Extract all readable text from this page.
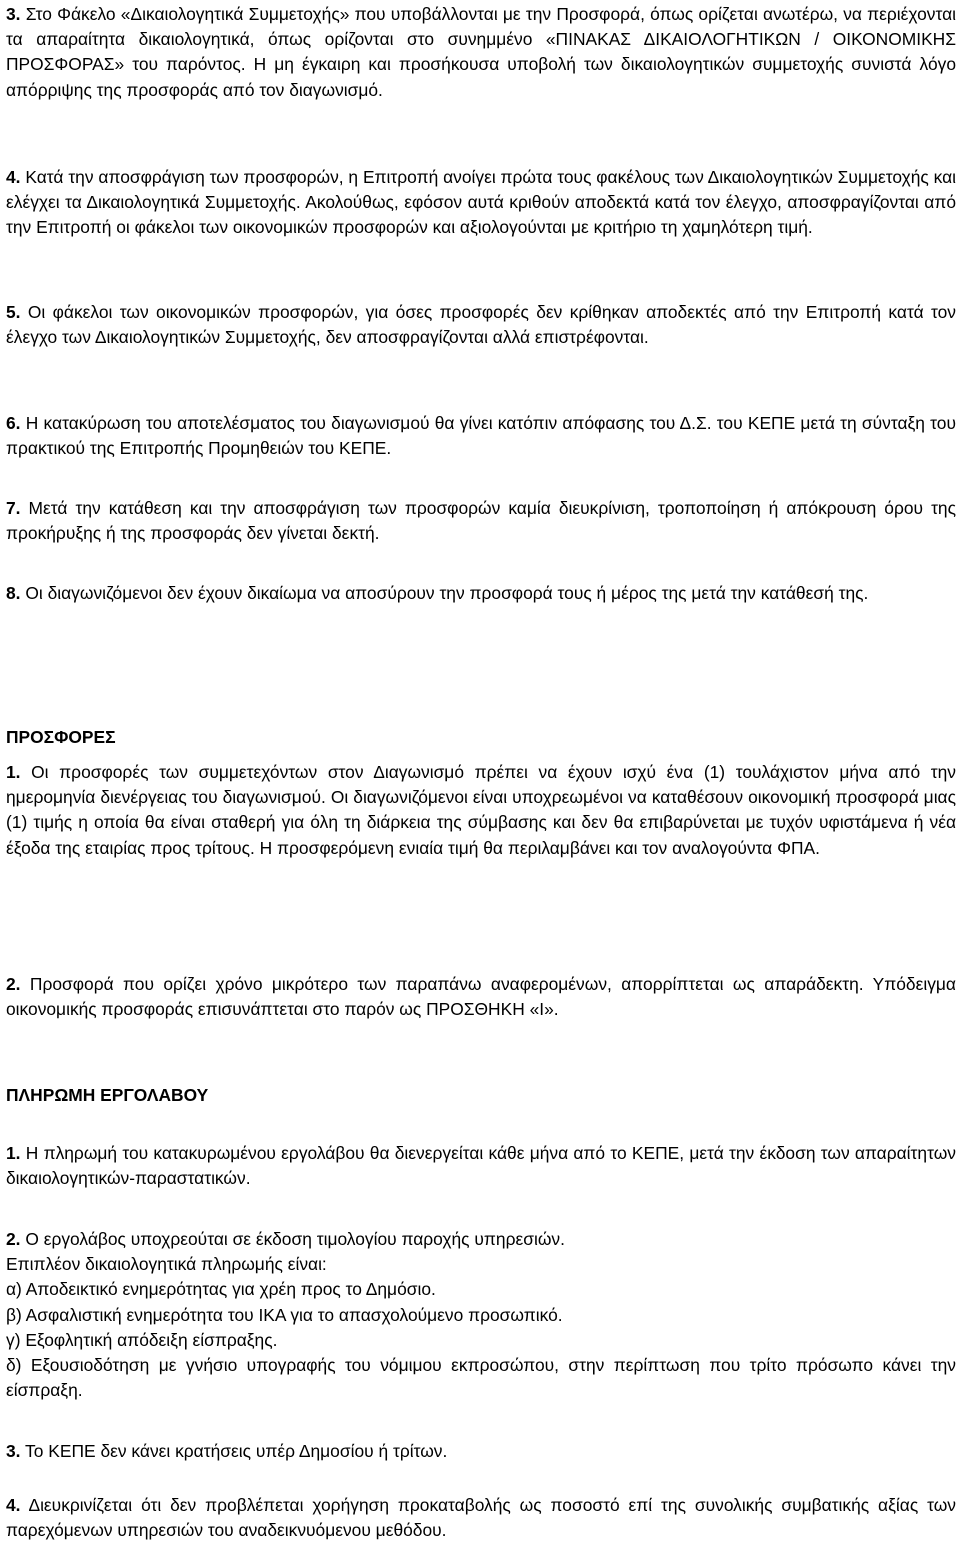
3. Στο Φάκελο «Δικαιολογητικά Συμμετοχής» που υποβάλλονται με την Προσφορά, όπως ορίζεται ανωτέρω, να περιέχονται τα απαραίτητα δικαιολογητικά, όπως ορίζονται στο συνημμένο «ΠΙΝΑΚΑΣ ΔΙΚΑΙΟΛΟΓΗΤΙΚΩΝ / ΟΙΚΟΝΟΜΙΚΗΣ ΠΡΟΣΦΟΡΑΣ» του παρόντος. Η μη έγκαιρη και προσήκουσα υποβολή των δικαιολογητικών συμμετοχής συνιστά λόγο απόρριψης της προσφοράς από τον διαγωνισμό.

4. Κατά την αποσφράγιση των προσφορών, η Επιτροπή ανοίγει πρώτα τους φακέλους των Δικαιολογητικών Συμμετοχής και ελέγχει τα Δικαιολογητικά Συμμετοχής. Ακολούθως, εφόσον αυτά κριθούν αποδεκτά κατά τον έλεγχο, αποσφραγίζονται από την Επιτροπή οι φάκελοι των οικονομικών προσφορών και αξιολογούνται με κριτήριο τη χαμηλότερη τιμή.

5. Οι φάκελοι των οικονομικών προσφορών, για όσες προσφορές δεν κρίθηκαν αποδεκτές από την Επιτροπή κατά τον έλεγχο των Δικαιολογητικών Συμμετοχής, δεν αποσφραγίζονται αλλά επιστρέφονται.

6. Η κατακύρωση του αποτελέσματος του διαγωνισμού θα γίνει κατόπιν απόφασης του Δ.Σ. του ΚΕΠΕ μετά τη σύνταξη του πρακτικού της Επιτροπής Προμηθειών του ΚΕΠΕ.

7. Μετά την κατάθεση και την αποσφράγιση των προσφορών καμία διευκρίνιση, τροποποίηση ή απόκρουση όρου της προκήρυξης ή της προσφοράς δεν γίνεται δεκτή.

8. Οι διαγωνιζόμενοι δεν έχουν δικαίωμα να αποσύρουν την προσφορά τους ή μέρος της μετά την κατάθεσή της.

ΠΡΟΣΦΟΡΕΣ

1. Οι προσφορές των συμμετεχόντων στον Διαγωνισμό πρέπει να έχουν ισχύ ένα (1) τουλάχιστον μήνα από την ημερομηνία διενέργειας του διαγωνισμού. Οι διαγωνιζόμενοι είναι υποχρεωμένοι να καταθέσουν οικονομική προσφορά μιας (1) τιμής η οποία θα είναι σταθερή για όλη τη διάρκεια της σύμβασης και δεν θα επιβαρύνεται με τυχόν υφιστάμενα ή νέα έξοδα της εταιρίας προς τρίτους. Η προσφερόμενη ενιαία τιμή θα περιλαμβάνει και τον αναλογούντα ΦΠΑ.

2. Προσφορά που ορίζει χρόνο μικρότερο των παραπάνω αναφερομένων, απορρίπτεται ως απαράδεκτη. Υπόδειγμα οικονομικής προσφοράς επισυνάπτεται στο παρόν ως ΠΡΟΣΘΗΚΗ «Ι».

ΠΛΗΡΩΜΗ ΕΡΓΟΛΑΒΟΥ

1. Η πληρωμή του κατακυρωμένου εργολάβου θα διενεργείται κάθε μήνα από το ΚΕΠΕ, μετά την έκδοση των απαραίτητων δικαιολογητικών-παραστατικών.

2. Ο εργολάβος υποχρεούται σε έκδοση τιμολογίου παροχής υπηρεσιών.
Επιπλέον δικαιολογητικά πληρωμής είναι:
α) Αποδεικτικό ενημερότητας για χρέη προς το Δημόσιο.
β) Ασφαλιστική ενημερότητα του ΙΚΑ για το απασχολούμενο προσωπικό.
γ) Εξοφλητική απόδειξη είσπραξης.
δ) Εξουσιοδότηση με γνήσιο υπογραφής του νόμιμου εκπροσώπου, στην περίπτωση που τρίτο πρόσωπο κάνει την είσπραξη.

3. Το ΚΕΠΕ δεν κάνει κρατήσεις υπέρ Δημοσίου ή τρίτων.

4. Διευκρινίζεται ότι δεν προβλέπεται χορήγηση προκαταβολής ως ποσοστό επί της συνολικής συμβατικής αξίας των παρεχόμενων υπηρεσιών του αναδεικνυόμενου μεθόδου.
